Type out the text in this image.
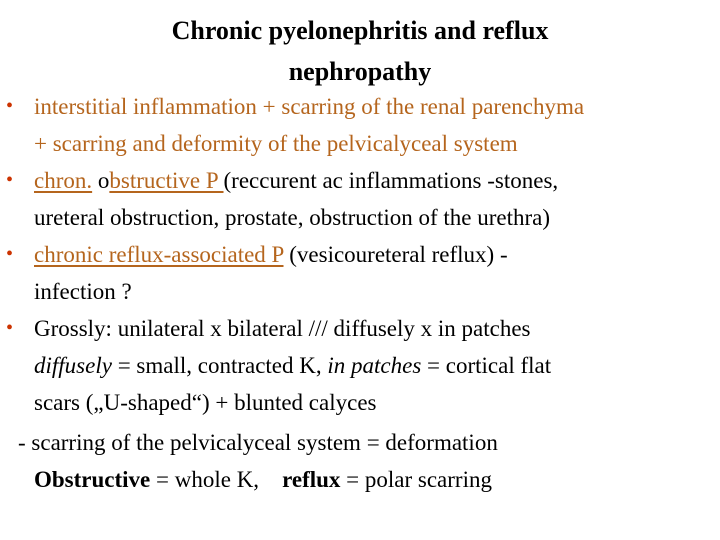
Chronic pyelonephritis and reflux
nephropathy
• interstitial inflammation + scarring of the renal parenchyma
+ scarring and deformity of the pelvicalyceal system
• chron. obstructive P (reccurent ac inflammations -stones,
ureteral obstruction, prostate, obstruction of the urethra)
• chronic reflux-associated P (vesicoureteral reflux) -
infection ?
• Grossly: unilateral x bilateral /// diffusely x in patches
diffusely = small, contracted K, in patches = cortical flat
scars („U-shaped“) + blunted calyces
- scarring of the pelvicalyceal system = deformation
Obstructive = whole K,    reflux = polar scarring
